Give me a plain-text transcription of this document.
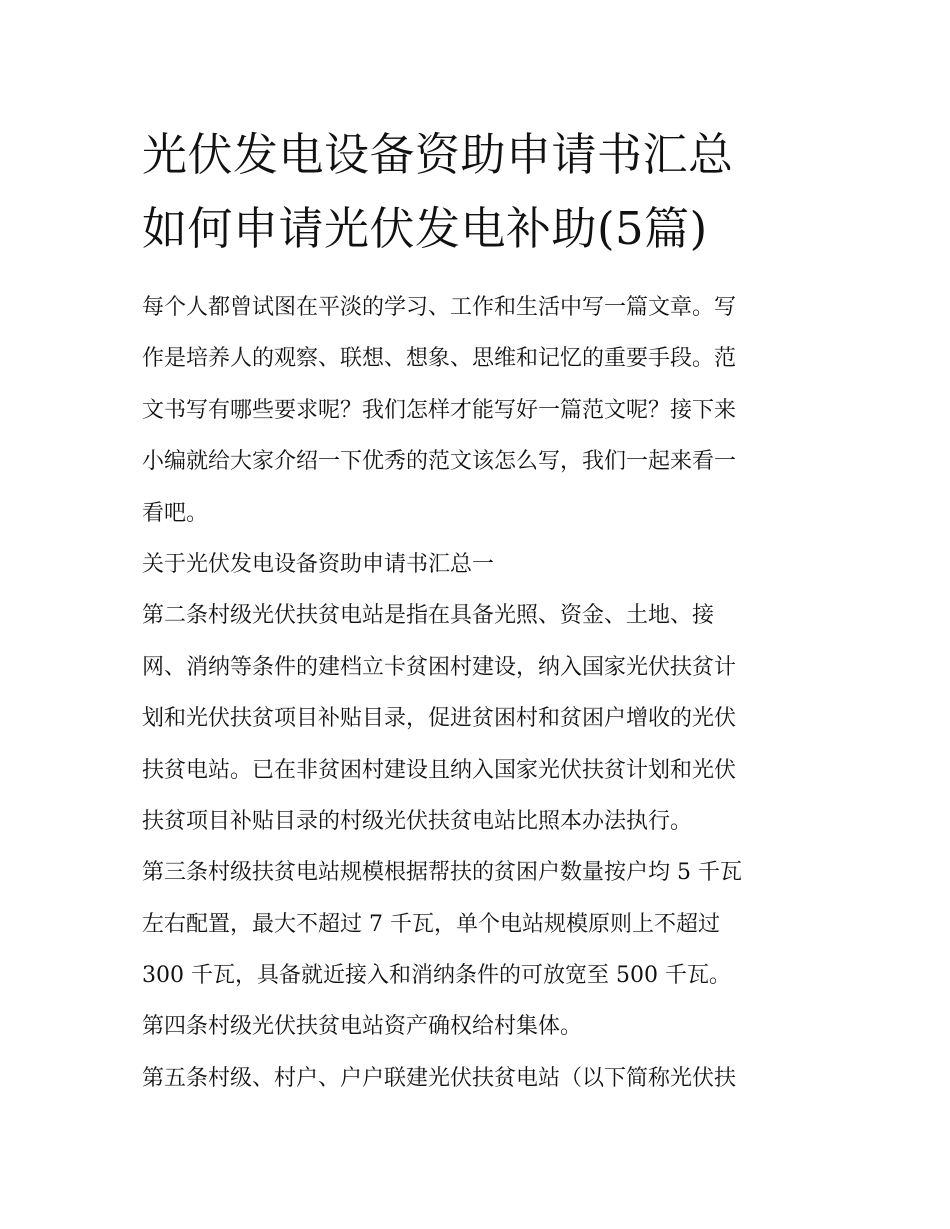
光伏发电设备资助申请书汇总
如何申请光伏发电补助(5篇)
每个人都曾试图在平淡的学习、工作和生活中写一篇文章。写
作是培养人的观察、联想、想象、思维和记忆的重要手段。范
文书写有哪些要求呢？我们怎样才能写好一篇范文呢？接下来
小编就给大家介绍一下优秀的范文该怎么写，我们一起来看一
看吧。
关于光伏发电设备资助申请书汇总一
第二条村级光伏扶贫电站是指在具备光照、资金、土地、接
网、消纳等条件的建档立卡贫困村建设，纳入国家光伏扶贫计
划和光伏扶贫项目补贴目录，促进贫困村和贫困户增收的光伏
扶贫电站。已在非贫困村建设且纳入国家光伏扶贫计划和光伏
扶贫项目补贴目录的村级光伏扶贫电站比照本办法执行。
第三条村级扶贫电站规模根据帮扶的贫困户数量按户均 5 千瓦
左右配置，最大不超过 7 千瓦，单个电站规模原则上不超过
300 千瓦，具备就近接入和消纳条件的可放宽至 500 千瓦。
第四条村级光伏扶贫电站资产确权给村集体。
第五条村级、村户、户户联建光伏扶贫电站（以下简称光伏扶
